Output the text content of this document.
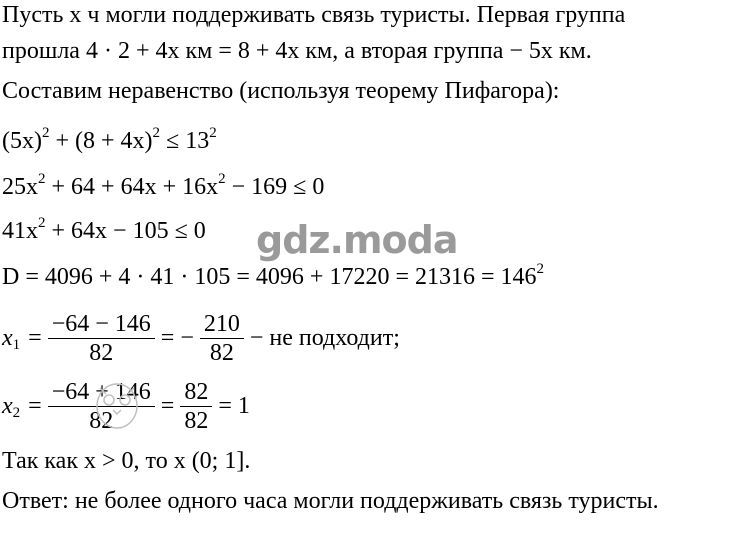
Пусть x ч могли поддерживать связь туристы. Первая группа
прошла 4 · 2 + 4x км = 8 + 4x км, а вторая группа − 5x км.
Составим неравенство (используя теорему Пифагора):
$(5x)^2 + (8 + 4x)^2 \le 13^2$
$25x^2 + 64 + 64x + 16x^2 - 169 \le 0$
$41x^2 + 64x - 105 \le 0$
$D = 4096 + 4 \cdot 41 \cdot 105 = 4096 + 17220 = 21316 = 146^2$
$x_1 = \frac{-64 - 146}{82}$ = − $\frac{210}{82}$ − не подходит;
$x_2 = \frac{-64 + 146}{82} = \frac{82}{82} = 1$
Так как x > 0, то x (0; 1].
Ответ: не более одного часа могли поддерживать связь туристы.
gdz.moda
